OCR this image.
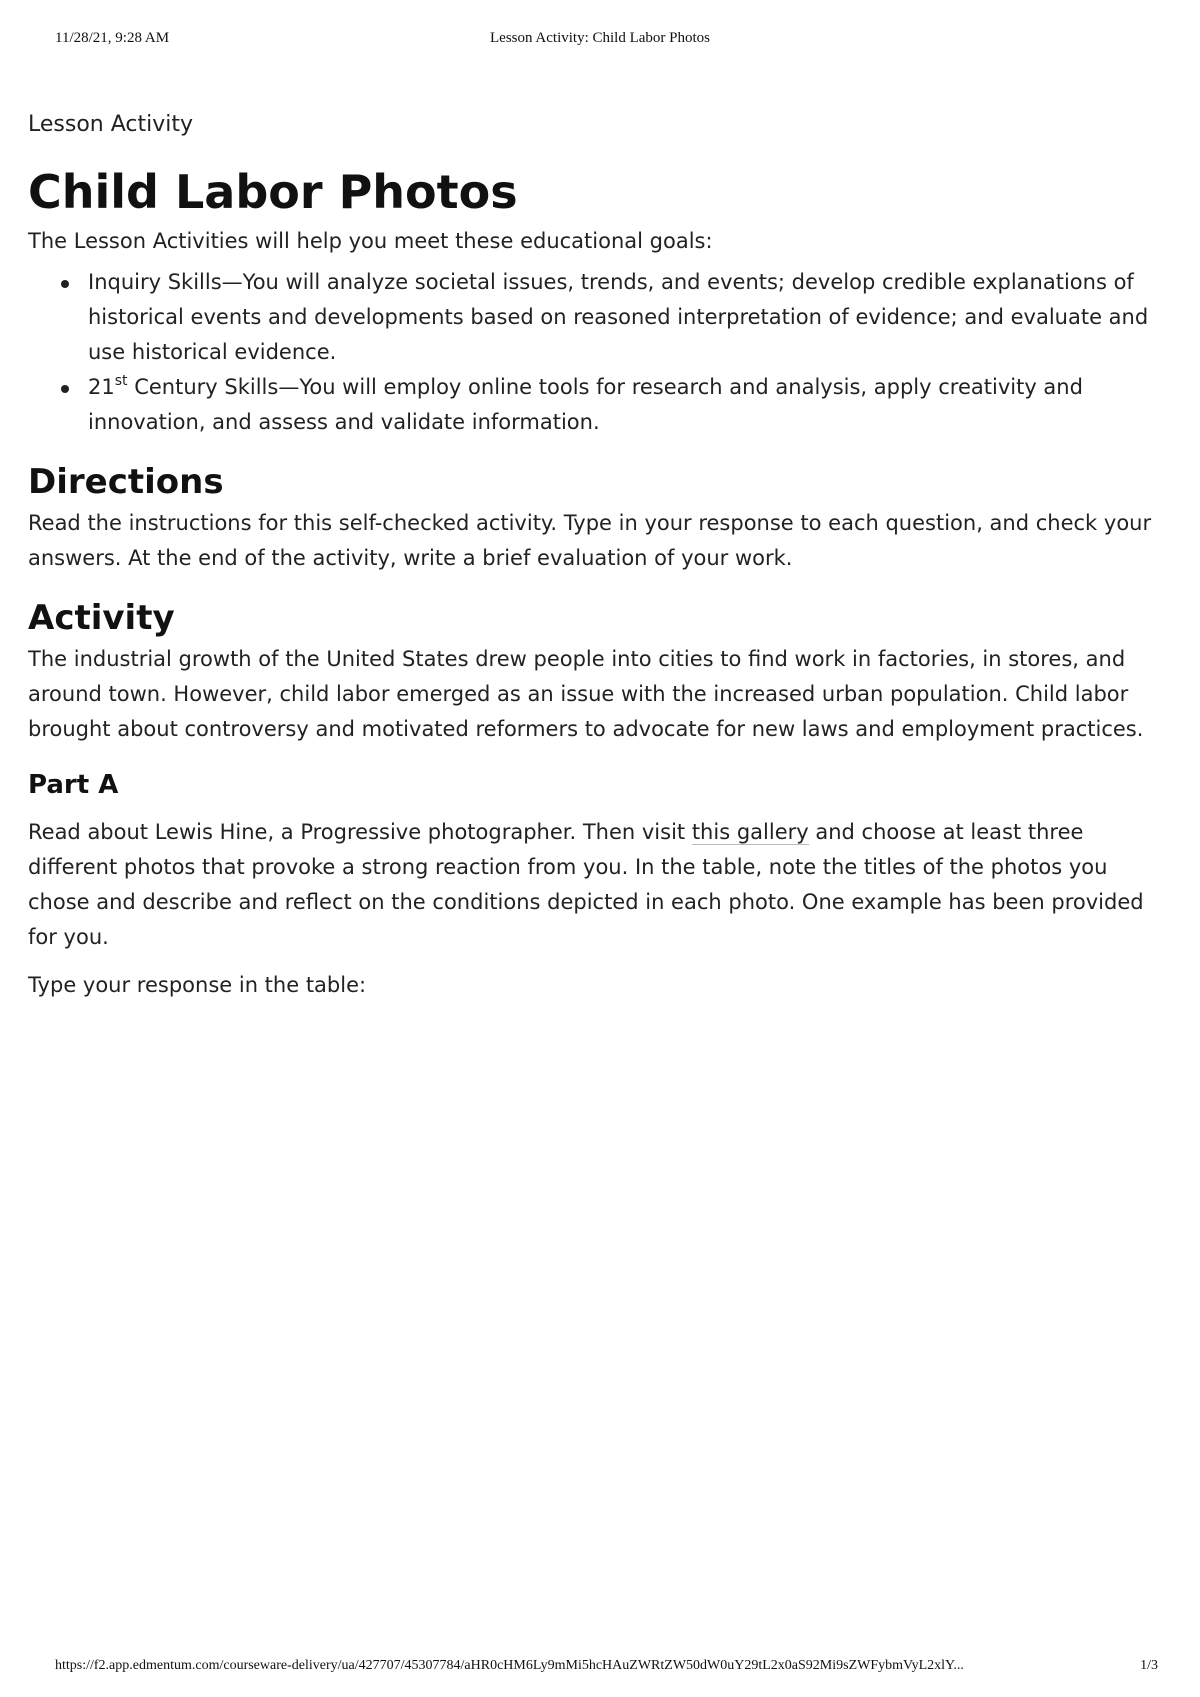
11/28/21, 9:28 AM	Lesson Activity: Child Labor Photos
Lesson Activity
Child Labor Photos

The Lesson Activities will help you meet these educational goals:

Inquiry Skills—You will analyze societal issues, trends, and events; develop credible explanations of historical events and developments based on reasoned interpretation of evidence; and evaluate and use historical evidence.
21st Century Skills—You will employ online tools for research and analysis, apply creativity and innovation, and assess and validate information.
Directions

Read the instructions for this self-checked activity. Type in your response to each question, and check your answers. At the end of the activity, write a brief evaluation of your work.

Activity

The industrial growth of the United States drew people into cities to find work in factories, in stores, and around town. However, child labor emerged as an issue with the increased urban population. Child labor brought about controversy and motivated reformers to advocate for new laws and employment practices.

Part A

Read about Lewis Hine, a Progressive photographer. Then visit this gallery and choose at least three different photos that provoke a strong reaction from you. In the table, note the titles of the photos you chose and describe and reflect on the conditions depicted in each photo. One example has been provided for you.

Type your response in the table:

https://f2.app.edmentum.com/courseware-delivery/ua/427707/45307784/aHR0cHM6Ly9mMi5hcHAuZWRtZW50dW0uY29tL2x0aS92Mi9sZWFybmVyL2xlY...	1/3
